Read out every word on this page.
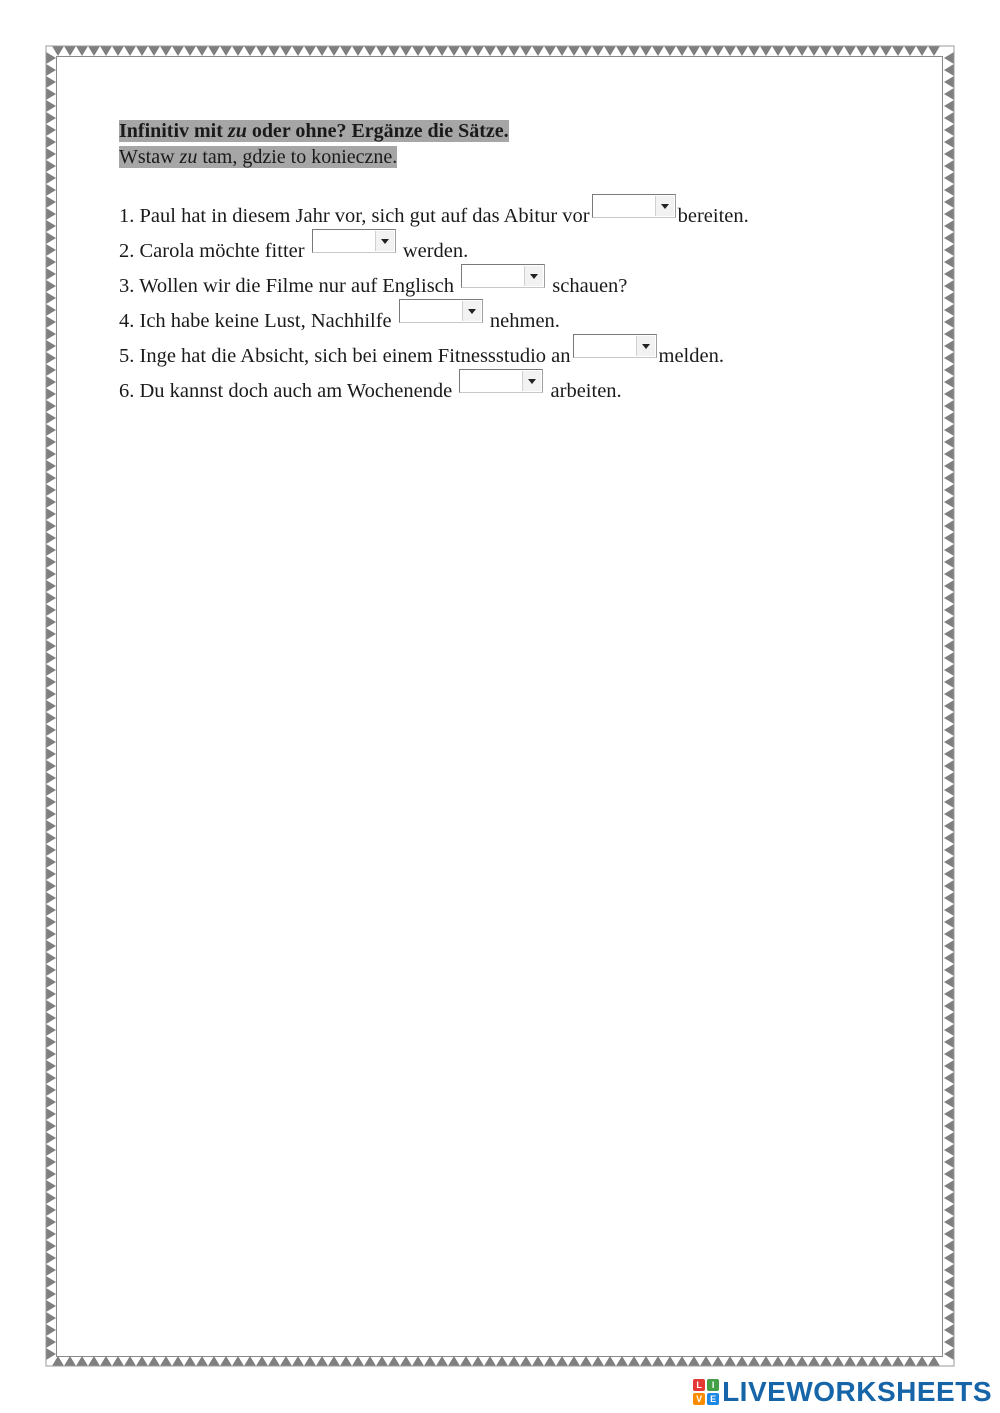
Infinitiv mit zu oder ohne? Ergänze die Sätze.
Wstaw zu tam, gdzie to konieczne.
1. Paul hat in diesem Jahr vor, sich gut auf das Abitur vor	bereiten.
2. Carola möchte fitter	werden.
3. Wollen wir die Filme nur auf Englisch	schauen?
4. Ich habe keine Lust, Nachhilfe	nehmen.
5. Inge hat die Absicht, sich bei einem Fitnessstudio an	melden.
6. Du kannst doch auch am Wochenende	arbeiten.
L	I
V E LIVEWORKSHEETS
